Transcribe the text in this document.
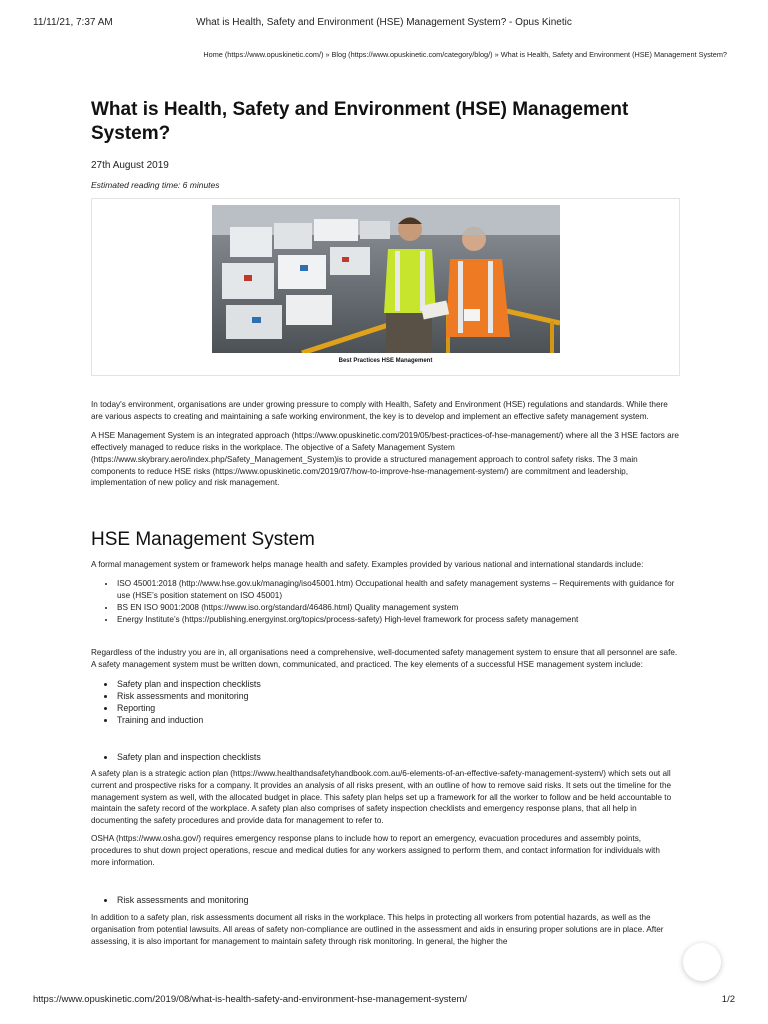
11/11/21, 7:37 AM	What is Health, Safety and Environment (HSE) Management System? - Opus Kinetic
Home (https://www.opuskinetic.com/) » Blog (https://www.opuskinetic.com/category/blog/) » What is Health, Safety and Environment (HSE) Management System?
What is Health, Safety and Environment (HSE) Management System?
27th August 2019
Estimated reading time: 6 minutes
Best Practices HSE Management

In today's environment, organisations are under growing pressure to comply with Health, Safety and Environment (HSE) regulations and standards. While there are various aspects to creating and maintaining a safe working environment, the key is to develop and implement an effective safety management system.

A HSE Management System is an integrated approach (https://www.opuskinetic.com/2019/05/best-practices-of-hse-management/) where all the 3 HSE factors are effectively managed to reduce risks in the workplace. The objective of a Safety Management System (https://www.skybrary.aero/index.php/Safety_Management_System)is to provide a structured management approach to control safety risks. The 3 main components to reduce HSE risks (https://www.opuskinetic.com/2019/07/how-to-improve-hse-management-system/) are commitment and leadership, implementation of new policy and risk management.

HSE Management System

A formal management system or framework helps manage health and safety. Examples provided by various national and international standards include:

• ISO 45001:2018 (http://www.hse.gov.uk/managing/iso45001.htm) Occupational health and safety management systems – Requirements with guidance for use (HSE’s position statement on ISO 45001)
• BS EN ISO 9001:2008 (https://www.iso.org/standard/46486.html) Quality management system
• Energy Institute’s (https://publishing.energyinst.org/topics/process-safety) High-level framework for process safety management

Regardless of the industry you are in, all organisations need a comprehensive, well-documented safety management system to ensure that all personnel are safe. A safety management system must be written down, communicated, and practiced. The key elements of a successful HSE management system include:

• Safety plan and inspection checklists
• Risk assessments and monitoring
• Reporting
• Training and induction
• Safety plan and inspection checklists

A safety plan is a strategic action plan (https://www.healthandsafetyhandbook.com.au/6-elements-of-an-effective-safety-management-system/) which sets out all current and prospective risks for a company. It provides an analysis of all risks present, with an outline of how to remove said risks. It sets out the timeline for the management system as well, with the allocated budget in place. This safety plan helps set up a framework for all the worker to follow and be held accountable to maintain the safety record of the workplace. A safety plan also comprises of safety inspection checklists and emergency response plans, that all help in documenting the safety procedures and provide data for management to refer to.

OSHA (https://www.osha.gov/) requires emergency response plans to include how to report an emergency, evacuation procedures and assembly points, procedures to shut down project operations, rescue and medical duties for any workers assigned to perform them, and contact information for individuals with more information.

• Risk assessments and monitoring

In addition to a safety plan, risk assessments document all risks in the workplace. This helps in protecting all workers from potential hazards, as well as the organisation from potential lawsuits. All areas of safety non-compliance are outlined in the assessment and aids in ensuring proper solutions are in place. After assessing, it is also important for management to maintain safety through risk monitoring. In general, the higher the

https://www.opuskinetic.com/2019/08/what-is-health-safety-and-environment-hse-management-system/	1/2
